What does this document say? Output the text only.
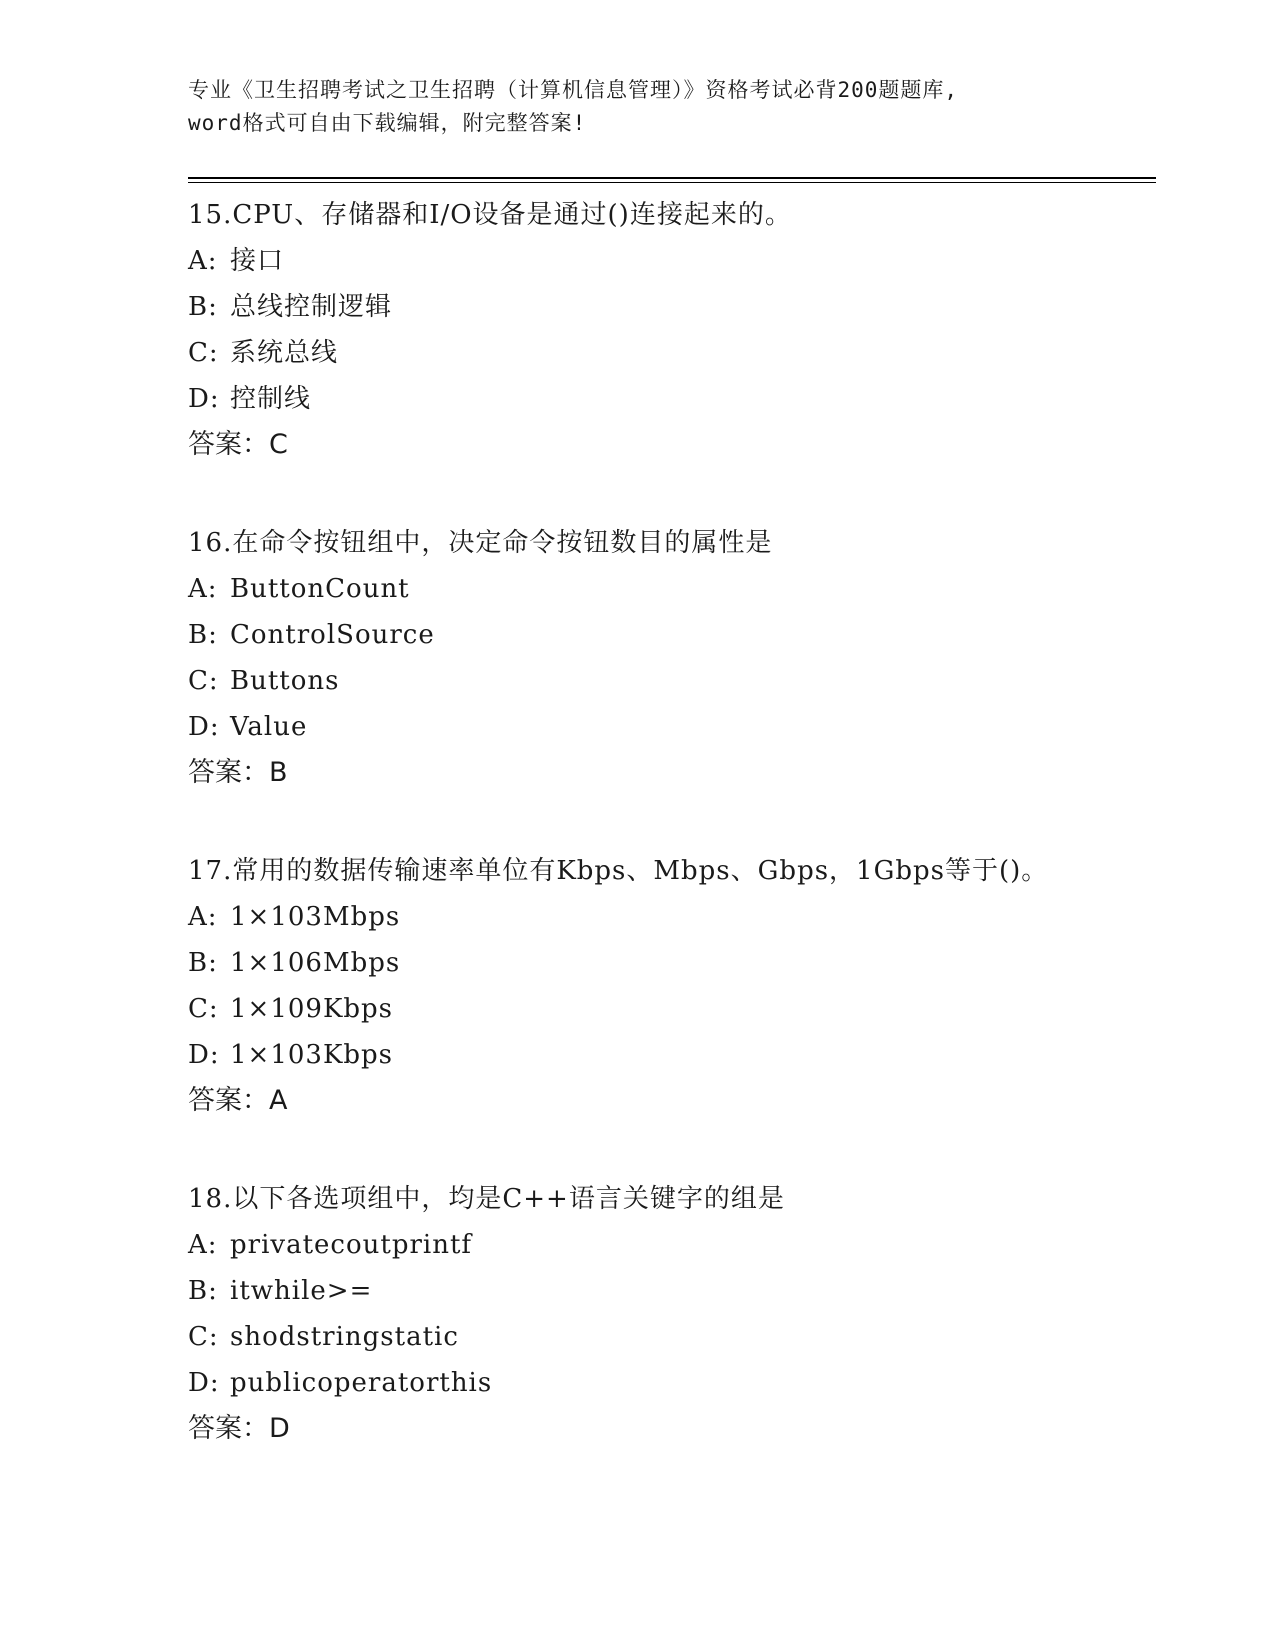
专业《卫生招聘考试之卫生招聘（计算机信息管理）》资格考试必背200题题库,
word格式可自由下载编辑，附完整答案!
15.CPU、存储器和I/O设备是通过()连接起来的。
A: 接口
B: 总线控制逻辑
C: 系统总线
D: 控制线
答案：C
16.在命令按钮组中，决定命令按钮数目的属性是
A: ButtonCount
B: ControlSource
C: Buttons
D: Value
答案：B
17.常用的数据传输速率单位有Kbps、Mbps、Gbps，1Gbps等于()。
A: 1×103Mbps
B: 1×106Mbps
C: 1×109Kbps
D: 1×103Kbps
答案：A
18.以下各选项组中，均是C++语言关键字的组是
A: privatecoutprintf
B: itwhile>=
C: shodstringstatic
D: publicoperatorthis
答案：D
